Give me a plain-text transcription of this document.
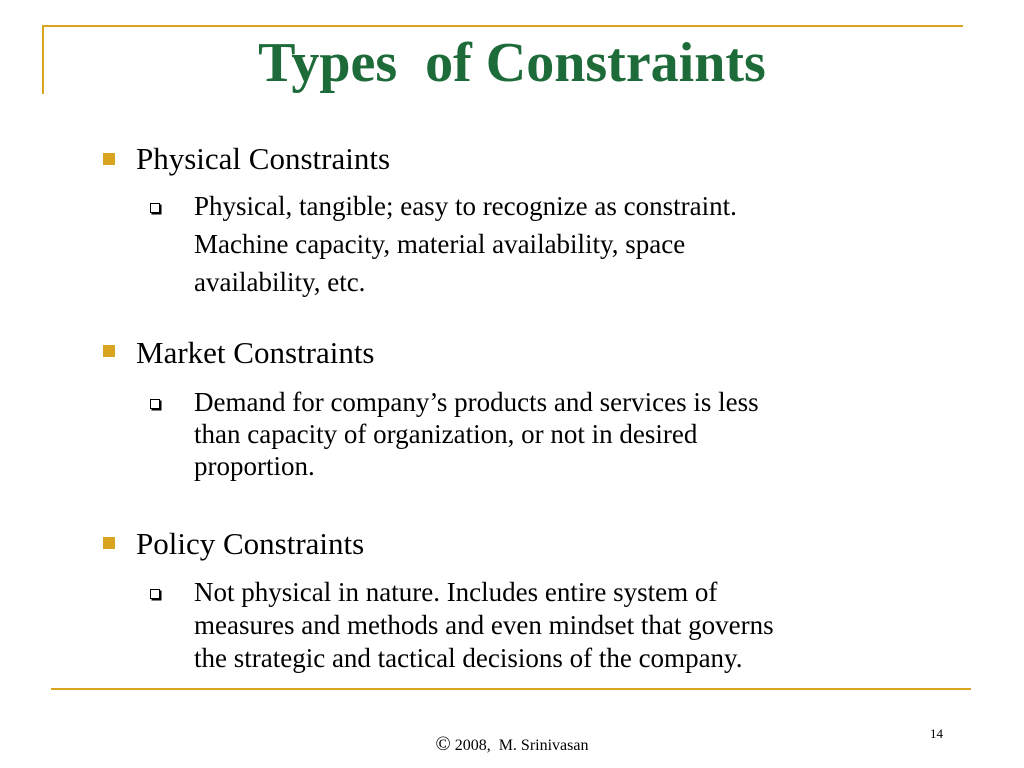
Types  of Constraints
Physical Constraints
Physical, tangible; easy to recognize as constraint.
Machine capacity, material availability, space
availability, etc.
Market Constraints
Demand for company’s products and services is less
than capacity of organization, or not in desired
proportion.
Policy Constraints
Not physical in nature. Includes entire system of
measures and methods and even mindset that governs
the strategic and tactical decisions of the company.
© 2008,  M. Srinivasan
14
